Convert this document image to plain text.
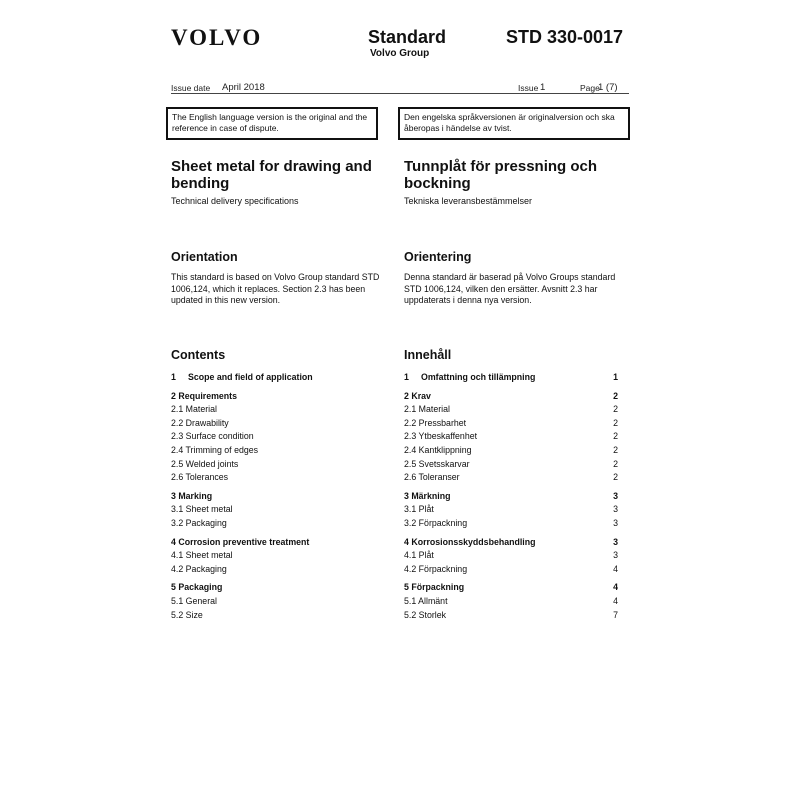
VOLVO	Standard
Volvo Group
STD 330-0017
Issue date April 2018	Issue 1	Page
1 (7)
The English language version is the original and the reference in case of dispute.
Den engelska språkversionen är originalversion och ska åberopas i händelse av tvist.
Sheet metal for drawing and bending
Technical delivery specifications
Tunnplåt för pressning och bockning
Tekniska leveransbestämmelser
Orientation
This standard is based on Volvo Group standard STD 1006,124, which it replaces. Section 2.3 has been updated in this new version.
Orientering
Denna standard är baserad på Volvo Groups standard STD 1006,124, vilken den ersätter. Avsnitt 2.3 har uppdaterats i denna nya version.
Contents	Innehåll
1 Scope and field of application
2 Requirements
2.1 Material
2.2 Drawability
2.3 Surface condition
2.4 Trimming of edges
2.5 Welded joints
2.6 Tolerances
3 Marking
3.1 Sheet metal
3.2 Packaging
4 Corrosion preventive treatment
4.1 Sheet metal
4.2 Packaging
5 Packaging
5.1 General
5.2 Size
1 Omfattning och tillämpning	1
2 Krav	2
2.1 Material	2
2.2 Pressbarhet	2
2.3 Ytbeskaffenhet	2
2.4 Kantklippning	2
2.5 Svetsskarvar	2
2.6 Toleranser	2
3 Märkning	3
3.1 Plåt	3
3.2 Förpackning	3
4 Korrosionsskyddsbehandling	3
4.1 Plåt	3
4.2 Förpackning	4
5 Förpackning	4
5.1 Allmänt	4
5.2 Storlek	7
